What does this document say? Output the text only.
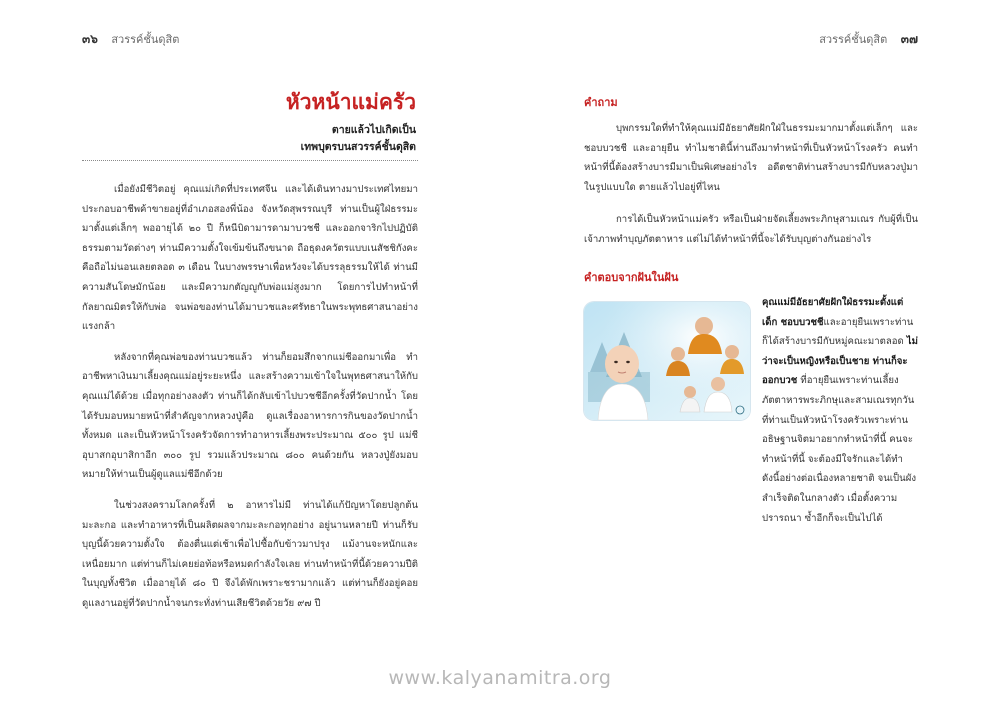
๓๖ สวรรค์ชั้นดุสิต
หัวหน้าแม่ครัว
ตายแล้วไปเกิดเป็น
เทพบุตรบนสวรรค์ชั้นดุสิต

เมื่อยังมีชีวิตอยู่ คุณแม่เกิดที่ประเทศจีน และได้เดินทางมาประเทศไทยมาประกอบอาชีพค้าขายอยู่ที่อำเภอสองพี่น้อง จังหวัดสุพรรณบุรี ท่านเป็นผู้ใฝ่ธรรมะมาตั้งแต่เล็กๆ พออายุได้ ๒๐ ปี ก็หนีบิดามารดามาบวชชี และออกจาริกไปปฏิบัติธรรมตามวัดต่างๆ ท่านมีความตั้งใจเข้มข้นถึงขนาด ถือธุดงควัตรแบบเนสัชชิกังคะ คือถือไม่นอนเลยตลอด ๓ เดือน ในบางพรรษาเพื่อหวังจะได้บรรลุธรรมให้ได้ ท่านมีความสันโดษมักน้อย และมีความกตัญญูกับพ่อแม่สูงมาก โดยการไปทำหน้าที่กัลยาณมิตรให้กับพ่อ จนพ่อของท่านได้มาบวชและศรัทธาในพระพุทธศาสนาอย่างแรงกล้า

หลังจากที่คุณพ่อของท่านบวชแล้ว ท่านก็ยอมสึกจากแม่ชีออกมาเพื่อ ทำอาชีพหาเงินมาเลี้ยงคุณแม่อยู่ระยะหนึ่ง และสร้างความเข้าใจในพุทธศาสนาให้กับคุณแม่ได้ด้วย เมื่อทุกอย่างลงตัว ท่านก็ได้กลับเข้าไปบวชชีอีกครั้งที่วัดปากน้ำ โดยได้รับมอบหมายหน้าที่สำคัญจากหลวงปู่คือ ดูแลเรื่องอาหารการกินของวัดปากน้ำทั้งหมด และเป็นหัวหน้าโรงครัวจัดการทำอาหารเลี้ยงพระประมาณ ๕๐๐ รูป แม่ชีอุบาสกอุบาสิกาอีก ๓๐๐ รูป รวมแล้วประมาณ ๘๐๐ คนด้วยกัน หลวงปู่ยังมอบหมายให้ท่านเป็นผู้ดูแลแม่ชีอีกด้วย

ในช่วงสงครามโลกครั้งที่ ๒ อาหารไม่มี ท่านได้แก้ปัญหาโดยปลูกต้นมะละกอ และทำอาหารที่เป็นผลิตผลจากมะละกอทุกอย่าง อยู่นานหลายปี ท่านก็รับบุญนี้ด้วยความตั้งใจ ต้องตื่นแต่เช้าเพื่อไปซื้อกับข้าวมาปรุง แม้งานจะหนักและเหนื่อยมาก แต่ท่านก็ไม่เคยย่อท้อหรือหมดกำลังใจเลย ท่านทำหน้าที่นี้ด้วยความปีติในบุญทั้งชีวิต เมื่ออายุได้ ๘๐ ปี จึงได้พักเพราะชรามากแล้ว แต่ท่านก็ยังอยู่คอยดูแลงานอยู่ที่วัดปากน้ำจนกระทั่งท่านเสียชีวิตด้วยวัย ๙๗ ปี

สวรรค์ชั้นดุสิต ๓๗
คำถาม

บุพกรรมใดที่ทำให้คุณแม่มีอัธยาศัยฝักใฝ่ในธรรมะมากมาตั้งแต่เล็กๆ และชอบบวชชี และอายุยืน ทำไมชาตินี้ท่านถึงมาทำหน้าที่เป็นหัวหน้าโรงครัว คนทำหน้าที่นี้ต้องสร้างบารมีมาเป็นพิเศษอย่างไร อดีตชาติท่านสร้างบารมีกับหลวงปู่มาในรูปแบบใด ตายแล้วไปอยู่ที่ไหน

การได้เป็นหัวหน้าแม่ครัว หรือเป็นฝ่ายจัดเลี้ยงพระภิกษุสามเณร กับผู้ที่เป็นเจ้าภาพทำบุญภัตตาหาร แต่ไม่ได้ทำหน้าที่นี้จะได้รับบุญต่างกันอย่างไร

คำตอบจากฝันในฝัน
คุณแม่มีอัธยาศัยฝักใฝ่ธรรมะตั้งแต่เด็ก ชอบบวชชีและอายุยืนเพราะท่านก็ได้สร้างบารมีกับหมู่คณะมาตลอด ไม่ว่าจะเป็นหญิงหรือเป็นชาย ท่านก็จะออกบวช ที่อายุยืนเพราะท่านเลี้ยงภัตตาหารพระภิกษุและสามเณรทุกวัน ที่ท่านเป็นหัวหน้าโรงครัวเพราะท่านอธิษฐานจิตมาอยากทำหน้าที่นี้ คนจะทำหน้าที่นี้ จะต้องมีใจรักและได้ทำดังนี้อย่างต่อเนื่องหลายชาติ จนเป็นผังสำเร็จติดในกลางตัว เมื่อตั้งความปรารถนา ซ้ำอีกก็จะเป็นไปได้
www.kalyanamitra.org
